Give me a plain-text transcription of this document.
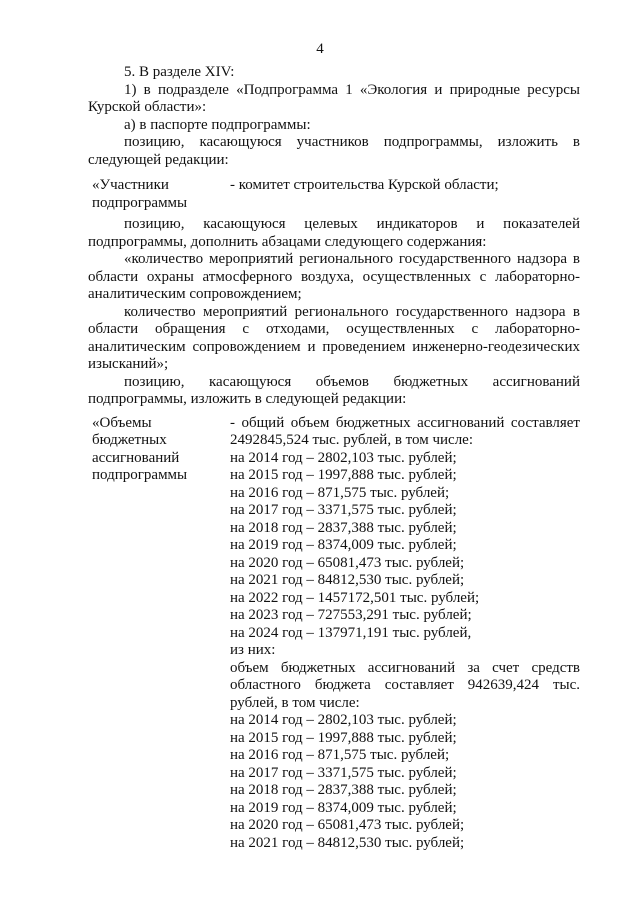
4

5. В разделе XIV:

1) в подразделе «Подпрограмма 1 «Экология и природные ресурсы Курской области»:

а) в паспорте подпрограммы:

позицию, касающуюся участников подпрограммы, изложить в следующей редакции:

«Участники
подпрограммы
- комитет строительства Курской области;

позицию, касающуюся целевых индикаторов и показателей подпрограммы, дополнить абзацами следующего содержания:

«количество мероприятий регионального государственного надзора в области охраны атмосферного воздуха, осуществленных с лабораторно-аналитическим сопровождением;

количество мероприятий регионального государственного надзора в области обращения с отходами, осуществленных с лабораторно-аналитическим сопровождением и проведением инженерно-геодезических изысканий»;

позицию, касающуюся объемов бюджетных ассигнований подпрограммы, изложить в следующей редакции:

«Объемы
бюджетных
ассигнований
подпрограммы
- общий объем бюджетных ассигнований составляет
2492845,524 тыс. рублей, в том числе:
на 2014 год – 2802,103 тыс. рублей;
на 2015 год – 1997,888 тыс. рублей;
на 2016 год – 871,575 тыс. рублей;
на 2017 год – 3371,575 тыс. рублей;
на 2018 год – 2837,388 тыс. рублей;
на 2019 год – 8374,009 тыс. рублей;
на 2020 год – 65081,473 тыс. рублей;
на 2021 год – 84812,530 тыс. рублей;
на 2022 год – 1457172,501 тыс. рублей;
на 2023 год – 727553,291 тыс. рублей;
на 2024 год – 137971,191 тыс. рублей,
из них:
объем бюджетных ассигнований за счет средств
областного бюджета составляет 942639,424 тыс.
рублей, в том числе:
на 2014 год – 2802,103 тыс. рублей;
на 2015 год – 1997,888 тыс. рублей;
на 2016 год – 871,575 тыс. рублей;
на 2017 год – 3371,575 тыс. рублей;
на 2018 год – 2837,388 тыс. рублей;
на 2019 год – 8374,009 тыс. рублей;
на 2020 год – 65081,473 тыс. рублей;
на 2021 год – 84812,530 тыс. рублей;
